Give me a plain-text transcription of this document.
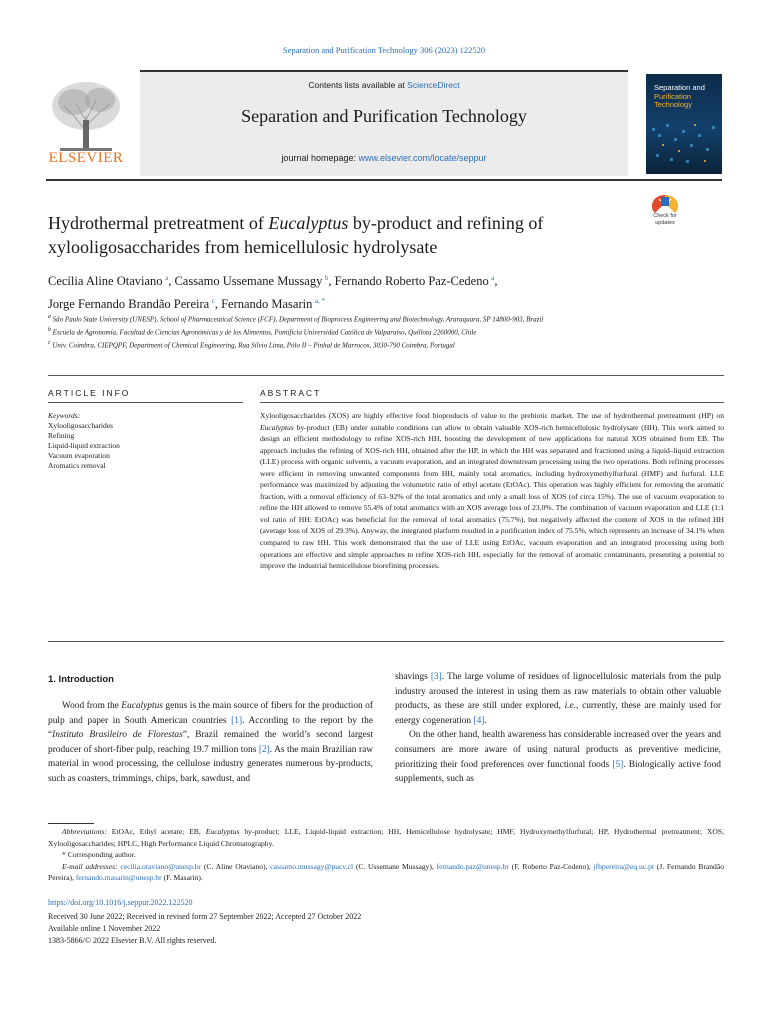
Separation and Purification Technology 306 (2023) 122520
ELSEVIER
Contents lists available at ScienceDirect
Separation and Purification Technology
journal homepage: www.elsevier.com/locate/seppur
Separation and
Purification
Technology
Hydrothermal pretreatment of Eucalyptus by-product and refining of xylooligosaccharides from hemicellulosic hydrolysate
Check for updates
Cecília Aline Otaviano  $^a$, Cassamo Ussemane Mussagy  $^b$, Fernando Roberto Paz-Cedeno  $^a$,
Jorge Fernando Brandão Pereira  $^c$, Fernando Masarin  $^{a, *}$
$^a$ São Paulo State University (UNESP), School of Pharmaceutical Science (FCF), Department of Bioprocess Engineering and Biotechnology, Araraquara, SP 14800-903, Brazil
$^b$ Escuela de Agronomía, Facultad de Ciencias Agronómicas y de los Alimentos, Pontificia Universidad Católica de Valparaíso, Quillota 2260000, Chile
$^c$ Univ. Coimbra, CIEPQPF, Department of Chemical Engineering, Rua Sílvio Lima, Pólo II – Pinhal de Marrocos, 3030-790 Coimbra, Portugal
ARTICLE INFO
Keywords:
Xylooligosaccharides
Refining
Liquid-liquid extraction
Vacuum evaporation
Aromatics removal
ABSTRACT
Xylooligosaccharides (XOS) are highly effective food bioproducts of value to the prebiotic market. The use of hydrothermal pretreatment (HP) on Eucalyptus by-product (EB) under suitable conditions can allow to obtain valuable XOS-rich hemicellulosic hydrolysate (HH). This work aimed to design an efficient methodology to refine XOS-rich HH, boosting the development of new applications for natural XOS obtained from EB. The approach includes the refining of XOS-rich HH, obtained after the HP, in which the HH was separated and fractioned using a liquid–liquid extraction (LLE) process with organic solvents, a vacuum evaporation, and an integrated downstream processing using the two operations. Both refining processes were efficient in removing unwanted components from HH, mainly total aromatics, including hydroxymethylfurfural (HMF) and furfural. LLE performance was maximized by adjusting the volumetric ratio of ethyl acetate (EtOAc). This operation was highly efficient for removing the aromatic fraction, with a removal efficiency of 63–92% of the total aromatics and only a small loss of XOS (of circa 15%). The use of vacuum evaporation to refine the HH allowed to remove 55.4% of total aromatics with an XOS average loss of 23.0%. The combination of vacuum evaporation and LLE (1:1 vol ratio of HH: EtOAc) was beneficial for the removal of total aromatics (75.7%), but negatively affected the content of XOS in the refined HH (average loss of XOS of 29.3%). Anyway, the integrated platform resulted in a purification index of 75.5%, which represents an increase of 34.1% when compared to raw HH. This work demonstrated that the use of LLE using EtOAc, vacuum evaporation and an integrated processing using both operations are effective and simple approaches to refine XOS-rich HH, especially for the removal of aromatic contaminants, presenting a potential to improve the industrial hemicellulose biorefining processes.
1. Introduction
Wood from the Eucalyptus genus is the main source of fibers for the production of pulp and paper in South American countries [1]. According to the report by the “Instituto Brasileiro de Florestas”, Brazil remained the world’s second largest producer of short-fiber pulp, reaching 19.7 million tons [2]. As the main Brazilian raw material in wood processing, the cellulose industry generates numerous by-products, such as coasters, trimmings, chips, bark, sawdust, and

shavings [3]. The large volume of residues of lignocellulosic materials from the pulp industry aroused the interest in using them as raw materials to obtain other valuable products, as these are still under explored, i.e., currently, these are mainly used for energy cogeneration [4].

On the other hand, health awareness has considerable increased over the years and consumers are more aware of using natural products as preventive medicine, prioritizing their food preferences over functional foods [5]. Biologically active food supplements, such as

Abbreviations: EtOAc, Ethyl acetate; EB, Eucalyptus by-product; LLE, Liquid-liquid extraction; HH, Hemicellulose hydrolysate; HMF, Hydroxymethylfurfural; HP, Hydrothermal pretreatment; XOS, Xylooligosaccharides; HPLC, High Performance Liquid Chromatography.

* Corresponding author.

E-mail addresses: cecilia.otaviano@unesp.br (C. Aline Otaviano), cassamo.mussagy@pucv.cl (C. Ussemane Mussagy), fernando.paz@unesp.br (F. Roberto Paz-Cedeno), jfbpereira@eq.uc.pt (J. Fernando Brandão Pereira), fernando.masarin@unesp.br (F. Masarin).

https://doi.org/10.1016/j.seppur.2022.122520
Received 30 June 2022; Received in revised form 27 September 2022; Accepted 27 October 2022
Available online 1 November 2022
1383-5866/© 2022 Elsevier B.V. All rights reserved.
